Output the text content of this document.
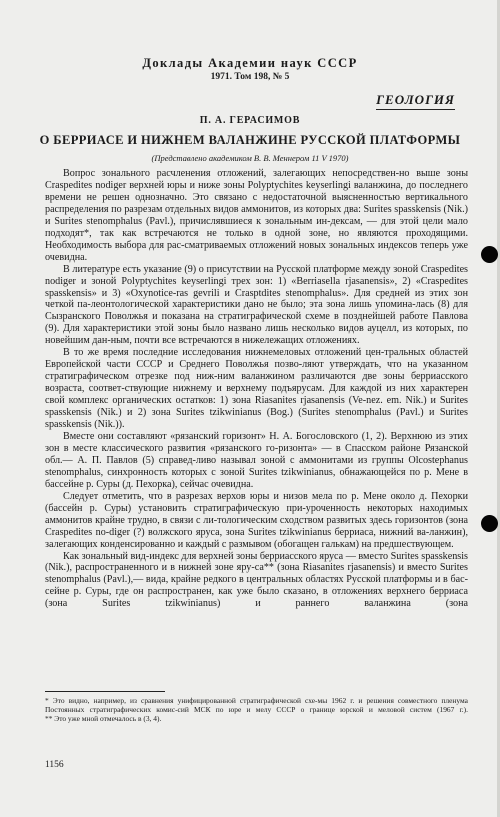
Доклады Академии наук СССР
1971. Том 198, № 5
ГЕОЛОГИЯ
П. А. ГЕРАСИМОВ
О БЕРРИАСЕ И НИЖНЕМ ВАЛАНЖИНЕ РУССКОЙ ПЛАТФОРМЫ
(Представлено академиком В. В. Меннером 11 V 1970)

Вопрос зонального расчленения отложений, залегающих непосредствен-но выше зоны Craspedites nodiger верхней юры и ниже зоны Polyptychites keyserlingi валанжина, до последнего времени не решен однозначно. Это связано с недостаточной выясненностью вертикального распределения по разрезам отдельных видов аммонитов, из которых два: Surites spasskensis (Nik.) и Surites stenomphalus (Pavl.), причислявшиеся к зональным ин-дексам, — для этой цели мало подходят*, так как встречаются не только в одной зоне, но являются проходящими. Необходимость выбора для рас-сматриваемых отложений новых зональных индексов теперь уже очевидна.

В литературе есть указание (9) о присутствии на Русской платформе между зоной Craspedites nodiger и зоной Polyptychites keyserlingi трех зон: 1) «Berriasella rjasanensis», 2) «Craspedites spasskensis» и 3) «Oxynotice-ras gevrili и Crasptdites stenomphalus». Для средней из этих зон четкой па-леонтологической характеристики дано не было; эта зона лишь упомина-лась (8) для Сызранского Поволжья и показана на стратиграфической схеме в позднейшей работе Павлова (9). Для характеристики этой зоны было названо лишь несколько видов ауцелл, из которых, по новейшим дан-ным, почти все встречаются в нижележащих отложениях.

В то же время последние исследования нижнемеловых отложений цен-тральных областей Европейской части СССР и Среднего Поволжья позво-ляют утверждать, что на указанном стратиграфическом отрезке под ниж-ним валанжином различаются две зоны берриасского возраста, соответ-ствующие нижнему и верхнему подъярусам. Для каждой из них характерен свой комплекс органических остатков: 1) зона Riasanites rjasanensis (Ve-nez. em. Nik.) и Surites spasskensis (Nik.) и 2) зона Surites tzikwinianus (Bog.) (Surites stenomphalus (Pavl.) и Surites spasskensis (Nik.)).

Вместе они составляют «рязанский горизонт» Н. А. Богословского (1, 2). Верхнюю из этих зон в месте классического развития «рязанского го-ризонта» — в Спасском районе Рязанской обл.— А. П. Павлов (5) справед-ливо называл зоной с аммонитами из группы Olcostephanus stenomphalus, синхронность которых с зоной Surites tzikwinianus, обнажающейся по р. Мене в бассейне р. Суры (д. Пехорка), сейчас очевидна.

Следует отметить, что в разрезах верхов юры и низов мела по р. Мене около д. Пехорки (бассейн р. Суры) установить стратиграфическую при-уроченность некоторых находимых аммонитов крайне трудно, в связи с ли-тологическим сходством развитых здесь горизонтов (зона Craspedites no-diger (?) волжского яруса, зона Surites tzikwinianus берриаса, нижний ва-ланжин), залегающих конденсированно и каждый с размывом (обогащен галькам) на предшествующем.

Как зональный вид-индекс для верхней зоны берриасского яруса — вместо Surites spasskensis (Nik.), распространенного и в нижней зоне яру-са** (зона Riasanites rjasanensis) и вместо Surites stenomphalus (Pavl.),— вида, крайне редкого в центральных областях Русской платформы и в бас-сейне р. Суры, где он распространен, как уже было сказано, в отложениях верхнего берриаса (зона Surites tzikwinianus) и раннего валанжина (зона

* Это видно, например, из сравнения унифицированной стратиграфической схе-мы 1962 г. и решения совместного пленума Постоянных стратиграфических комис-сий МСК по юре и мелу СССР о границе юрской и меловой систем (1967 г.).
** Это уже мной отмечалось в (3, 4).
1156
